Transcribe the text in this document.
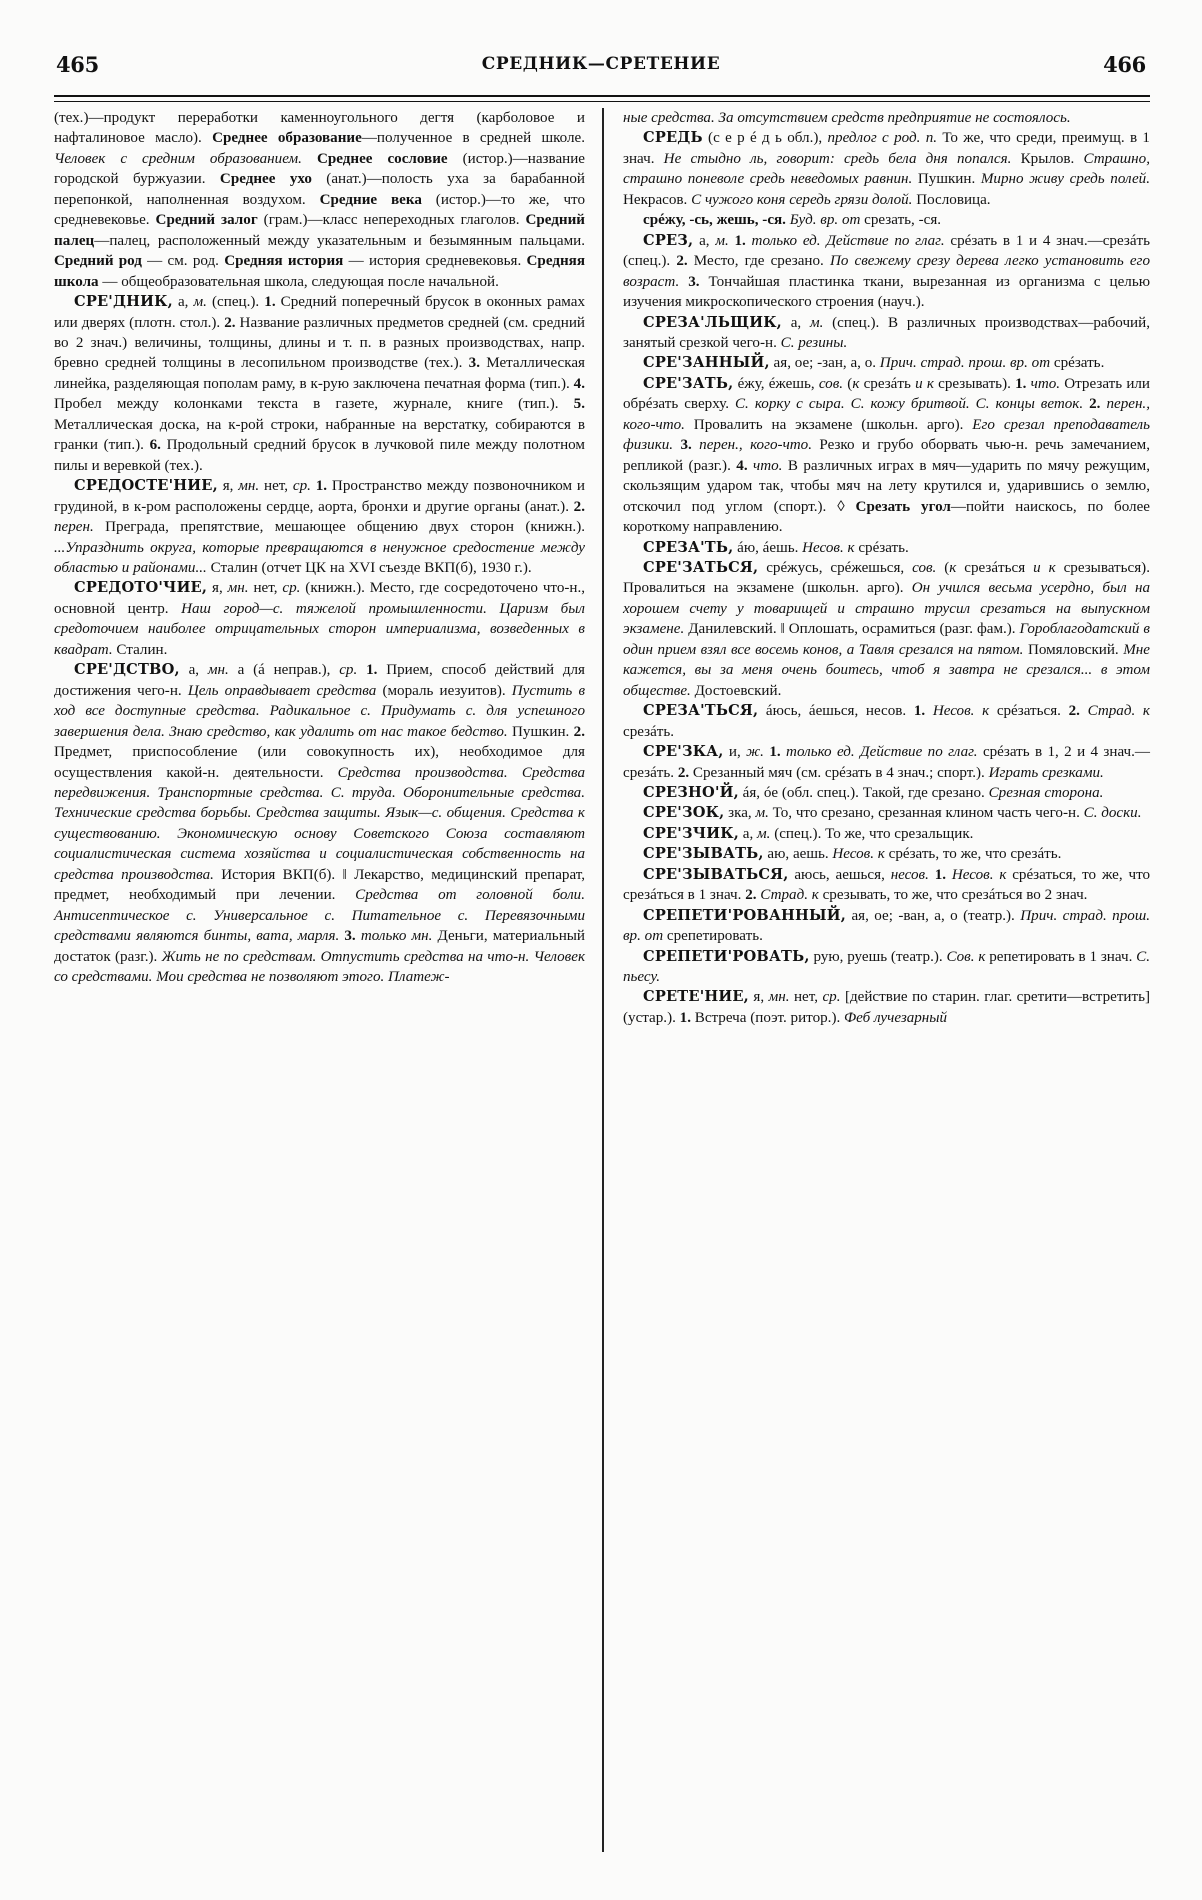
465	СРЕДНИК—СРЕТЕНИЕ	466

(тех.)—продукт переработки каменноугольного дегтя (карболовое и нафталиновое масло). Среднее образование—полученное в средней школе. Человек с средним образованием. Среднее сословие (истор.)—название городской буржуазии. Среднее ухо (анат.)—полость уха за барабанной перепонкой, наполненная воздухом. Средние века (истор.)—то же, что средневековье. Средний залог (грам.)—класс непереходных глаголов. Средний палец—палец, расположенный между указательным и безымянным пальцами. Средний род — см. род. Средняя история — история средневековья. Средняя школа — общеобразовательная школа, следующая после начальной.

СРЕ'ДНИК, а, м. (спец.). 1. Средний поперечный брусок в оконных рамах или дверях (плотн. стол.). 2. Название различных предметов средней (см. средний во 2 знач.) величины, толщины, длины и т. п. в разных производствах, напр. бревно средней толщины в лесопильном производстве (тех.). 3. Металлическая линейка, разделяющая пополам раму, в к-рую заключена печатная форма (тип.). 4. Пробел между колонками текста в газете, журнале, книге (тип.). 5. Металлическая доска, на к-рой строки, набранные на верстатку, собираются в гранки (тип.). 6. Продольный средний брусок в лучковой пиле между полотном пилы и веревкой (тех.).

СРЕДОСТЕ'НИЕ, я, мн. нет, ср. 1. Пространство между позвоночником и грудиной, в к-ром расположены сердце, аорта, бронхи и другие органы (анат.). 2. перен. Преграда, препятствие, мешающее общению двух сторон (книжн.). ...Упразднить округа, которые превращаются в ненужное средостение между областью и районами... Сталин (отчет ЦК на XVI съезде ВКП(б), 1930 г.).

СРЕДОТО'ЧИЕ, я, мн. нет, ср. (книжн.). Место, где сосредоточено что-н., основной центр. Наш город—с. тяжелой промышленности. Царизм был средоточием наиболее отрицательных сторон империализма, возведенных в квадрат. Сталин.

СРЕ'ДСТВО, а, мн. а (á неправ.), ср. 1. Прием, способ действий для достижения чего-н. Цель оправдывает средства (мораль иезуитов). Пустить в ход все доступные средства. Радикальное с. Придумать с. для успешного завершения дела. Знаю средство, как удалить от нас такое бедство. Пушкин. 2. Предмет, приспособление (или совокупность их), необходимое для осуществления какой-н. деятельности. Средства производства. Средства передвижения. Транспортные средства. С. труда. Оборонительные средства. Технические средства борьбы. Средства защиты. Язык—с. общения. Средства к существованию. Экономическую основу Советского Союза составляют социалистическая система хозяйства и социалистическая собственность на средства производства. История ВКП(б). ‖ Лекарство, медицинский препарат, предмет, необходимый при лечении. Средства от головной боли. Антисептическое с. Универсальное с. Питательное с. Перевязочными средствами являются бинты, вата, марля. 3. только мн. Деньги, материальный достаток (разг.). Жить не по средствам. Отпустить средства на что-н. Человек со средствами. Мои средства не позволяют этого. Платеж-

ные средства. За отсутствием средств предприятие не состоялось.

СРЕДЬ (с е р é д ь обл.), предлог с род. п. То же, что среди, преимущ. в 1 знач. Не стыдно ль, говорит: средь бела дня попался. Крылов. Страшно, страшно поневоле средь неведомых равнин. Пушкин. Мирно живу средь полей. Некрасов. С чужого коня середь грязи долой. Пословица.

срéжу, -сь, жешь, -ся. Буд. вр. от срезать, -ся.

СРЕЗ, а, м. 1. только ед. Действие по глаг. срéзать в 1 и 4 знач.—срезáть (спец.). 2. Место, где срезано. По свежему срезу дерева легко установить его возраст. 3. Тончайшая пластинка ткани, вырезанная из организма с целью изучения микроскопического строения (науч.).

СРЕЗА'ЛЬЩИК, а, м. (спец.). В различных производствах—рабочий, занятый срезкой чего-н. С. резины.

СРЕ'ЗАННЫЙ, ая, ое; -зан, а, о. Прич. страд. прош. вр. от срéзать.

СРЕ'ЗАТЬ, éжу, éжешь, сов. (к срезáть и к срезывать). 1. что. Отрезать или обрéзать сверху. С. корку с сыра. С. кожу бритвой. С. концы веток. 2. перен., кого-что. Провалить на экзамене (школьн. арго). Его срезал преподаватель физики. 3. перен., кого-что. Резко и грубо оборвать чью-н. речь замечанием, репликой (разг.). 4. что. В различных играх в мяч—ударить по мячу режущим, скользящим ударом так, чтобы мяч на лету крутился и, ударившись о землю, отскочил под углом (спорт.). ◊ Срезать угол—пойти наискось, по более короткому направлению.

СРЕЗА'ТЬ, áю, áешь. Несов. к срéзать.

СРЕ'ЗАТЬСЯ, срéжусь, срéжешься, сов. (к срезáться и к срезываться). Провалиться на экзамене (школьн. арго). Он учился весьма усердно, был на хорошем счету у товарищей и страшно трусил срезаться на выпускном экзамене. Данилевский. ‖ Оплошать, осрамиться (разг. фам.). Гороблагодатский в один прием взял все восемь конов, а Тавля срезался на пятом. Помяловский. Мне кажется, вы за меня очень боитесь, чтоб я завтра не срезался... в этом обществе. Достоевский.

СРЕЗА'ТЬСЯ, áюсь, áешься, несов. 1. Несов. к срéзаться. 2. Страд. к срезáть.

СРЕ'ЗКА, и, ж. 1. только ед. Действие по глаг. срéзать в 1, 2 и 4 знач.—срезáть. 2. Срезанный мяч (см. срéзать в 4 знач.; спорт.). Играть срезками.

СРЕЗНО'Й, áя, óе (обл. спец.). Такой, где срезано. Срезная сторона.

СРЕ'ЗОК, зка, м. То, что срезано, срезанная клином часть чего-н. С. доски.

СРЕ'ЗЧИК, а, м. (спец.). То же, что срезальщик.

СРЕ'ЗЫВАТЬ, аю, аешь. Несов. к срéзать, то же, что срезáть.

СРЕ'ЗЫВАТЬСЯ, аюсь, аешься, несов. 1. Несов. к срéзаться, то же, что срезáться в 1 знач. 2. Страд. к срезывать, то же, что срезáться во 2 знач.

СРЕПЕТИ'РОВАННЫЙ, ая, ое; -ван, а, о (театр.). Прич. страд. прош. вр. от срепетировать.

СРЕПЕТИ'РОВАТЬ, рую, руешь (театр.). Сов. к репетировать в 1 знач. С. пьесу.

СРЕТЕ'НИЕ, я, мн. нет, ср. [действие по старин. глаг. сретити—встретить] (устар.). 1. Встреча (поэт. ритор.). Феб лучезарный
